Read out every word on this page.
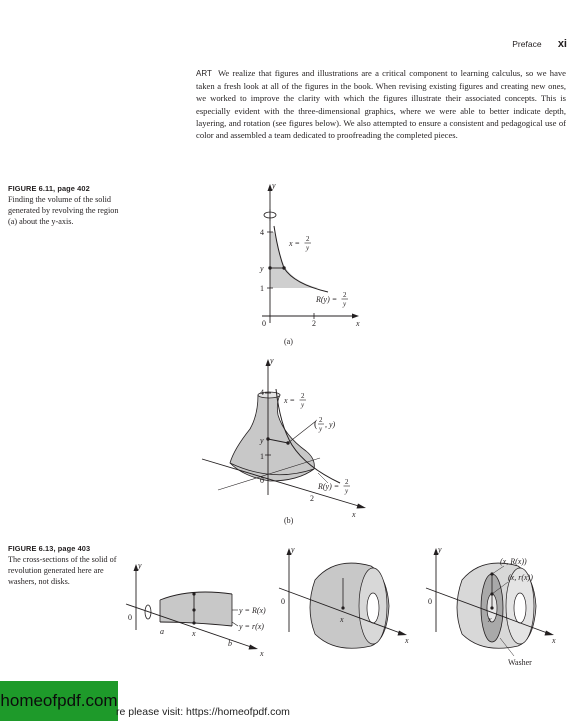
Preface xi
ART We realize that figures and illustrations are a critical component to learning calculus, so we have taken a fresh look at all of the figures in the book. When revising existing figures and creating new ones, we worked to improve the clarity with which the figures illustrate their associated concepts. This is especially evident with the three-dimensional graphics, where we were able to better indicate depth, layering, and rotation (see figures below). We also attempted to ensure a consistent and pedagogical use of color and assembled a team dedicated to proofreading the completed pieces.
FIGURE 6.11, page 402
Finding the volume of the solid generated by revolving the region (a) about the y-axis.
y
x
4
1
0	2
y
x = 2
y
R(y) = 2
y
(a)
y
x
4
1
0
2
y
x = 2
y
( 2
y , y)
R(y) = 2
y
(b)
FIGURE 6.13, page 403
The cross-sections of the solid of revolution generated here are washers, not disks.
y
x
0
a	x
b
y = R(x)
y = r(x)
y
x
0
x
y
x
0
x
(x, R(x))
(x, r(x))
Washer
homeofpdf.com
re please visit: https://homeofpdf.com
